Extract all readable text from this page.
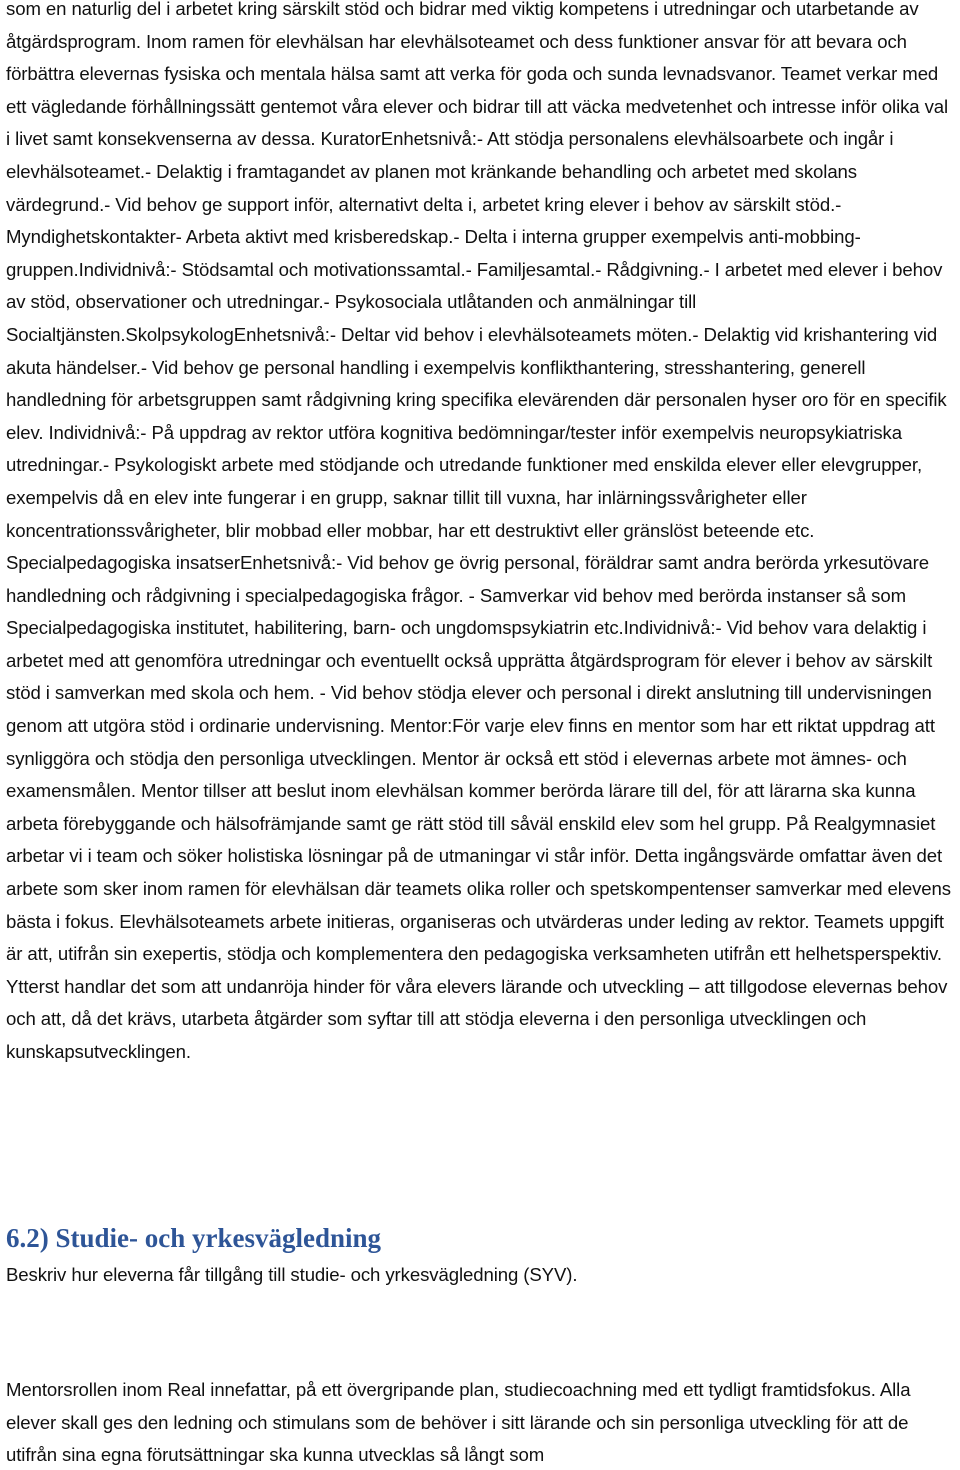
som en naturlig del i arbetet kring särskilt stöd och bidrar med viktig kompetens i utredningar och utarbetande av åtgärdsprogram. Inom ramen för elevhälsan har elevhälsoteamet och dess funktioner ansvar för att bevara och förbättra elevernas fysiska och mentala hälsa samt att verka för goda och sunda levnadsvanor. Teamet verkar med ett vägledande förhållningssätt gentemot våra elever och bidrar till att väcka medvetenhet och intresse inför olika val i livet samt konsekvenserna av dessa. KuratorEnhetsnivå:- Att stödja personalens elevhälsoarbete och ingår i elevhälsoteamet.- Delaktig i framtagandet av planen mot kränkande behandling och arbetet med skolans värdegrund.- Vid behov ge support inför, alternativt delta i, arbetet kring elever i behov av särskilt stöd.- Myndighetskontakter- Arbeta aktivt med krisberedskap.- Delta i interna grupper exempelvis anti-mobbing-gruppen.Individnivå:- Stödsamtal och motivationssamtal.- Familjesamtal.- Rådgivning.- I arbetet med elever i behov av stöd, observationer och utredningar.- Psykosociala utlåtanden och anmälningar till Socialtjänsten.SkolpsykologEnhetsnivå:- Deltar vid behov i elevhälsoteamets möten.- Delaktig vid krishantering vid akuta händelser.- Vid behov ge personal handling i exempelvis konflikthantering, stresshantering, generell handledning för arbetsgruppen samt rådgivning kring specifika elevärenden där personalen hyser oro för en specifik elev. Individnivå:- På uppdrag av rektor utföra kognitiva bedömningar/tester inför exempelvis neuropsykiatriska utredningar.- Psykologiskt arbete med stödjande och utredande funktioner med enskilda elever eller elevgrupper, exempelvis då en elev inte fungerar i en grupp, saknar tillit till vuxna, har inlärningssvårigheter eller koncentrationssvårigheter, blir mobbad eller mobbar, har ett destruktivt eller gränslöst beteende etc. Specialpedagogiska insatserEnhetsnivå:- Vid behov ge övrig personal, föräldrar samt andra berörda yrkesutövare handledning och rådgivning i specialpedagogiska frågor. - Samverkar vid behov med berörda instanser så som Specialpedagogiska institutet, habilitering, barn- och ungdomspsykiatrin etc.Individnivå:- Vid behov vara delaktig i arbetet med att genomföra utredningar och eventuellt också upprätta åtgärdsprogram för elever i behov av särskilt stöd i samverkan med skola och hem. - Vid behov stödja elever och personal i direkt anslutning till undervisningen genom att utgöra stöd i ordinarie undervisning. Mentor:För varje elev finns en mentor som har ett riktat uppdrag att synliggöra och stödja den personliga utvecklingen. Mentor är också ett stöd i elevernas arbete mot ämnes- och examensmålen. Mentor tillser att beslut inom elevhälsan kommer berörda lärare till del, för att lärarna ska kunna arbeta förebyggande och hälsofrämjande samt ge rätt stöd till såväl enskild elev som hel grupp. På Realgymnasiet arbetar vi i team och söker holistiska lösningar på de utmaningar vi står inför. Detta ingångsvärde omfattar även det arbete som sker inom ramen för elevhälsan där teamets olika roller och spetskompentenser samverkar med elevens bästa i fokus. Elevhälsoteamets arbete initieras, organiseras och utvärderas under leding av rektor. Teamets uppgift är att, utifrån sin exepertis, stödja och komplementera den pedagogiska verksamheten utifrån ett helhetsperspektiv. Ytterst handlar det som att undanröja hinder för våra elevers lärande och utveckling – att tillgodose elevernas behov och att, då det krävs, utarbeta åtgärder som syftar till att stödja eleverna i den personliga utvecklingen och kunskapsutvecklingen.

6.2) Studie- och yrkesvägledning

Beskriv hur eleverna får tillgång till studie- och yrkesvägledning (SYV).

Mentorsrollen inom Real innefattar, på ett övergripande plan, studiecoachning med ett tydligt framtidsfokus. Alla elever skall ges den ledning och stimulans som de behöver i sitt lärande och sin personliga utveckling för att de utifrån sina egna förutsättningar ska kunna utvecklas så långt som
